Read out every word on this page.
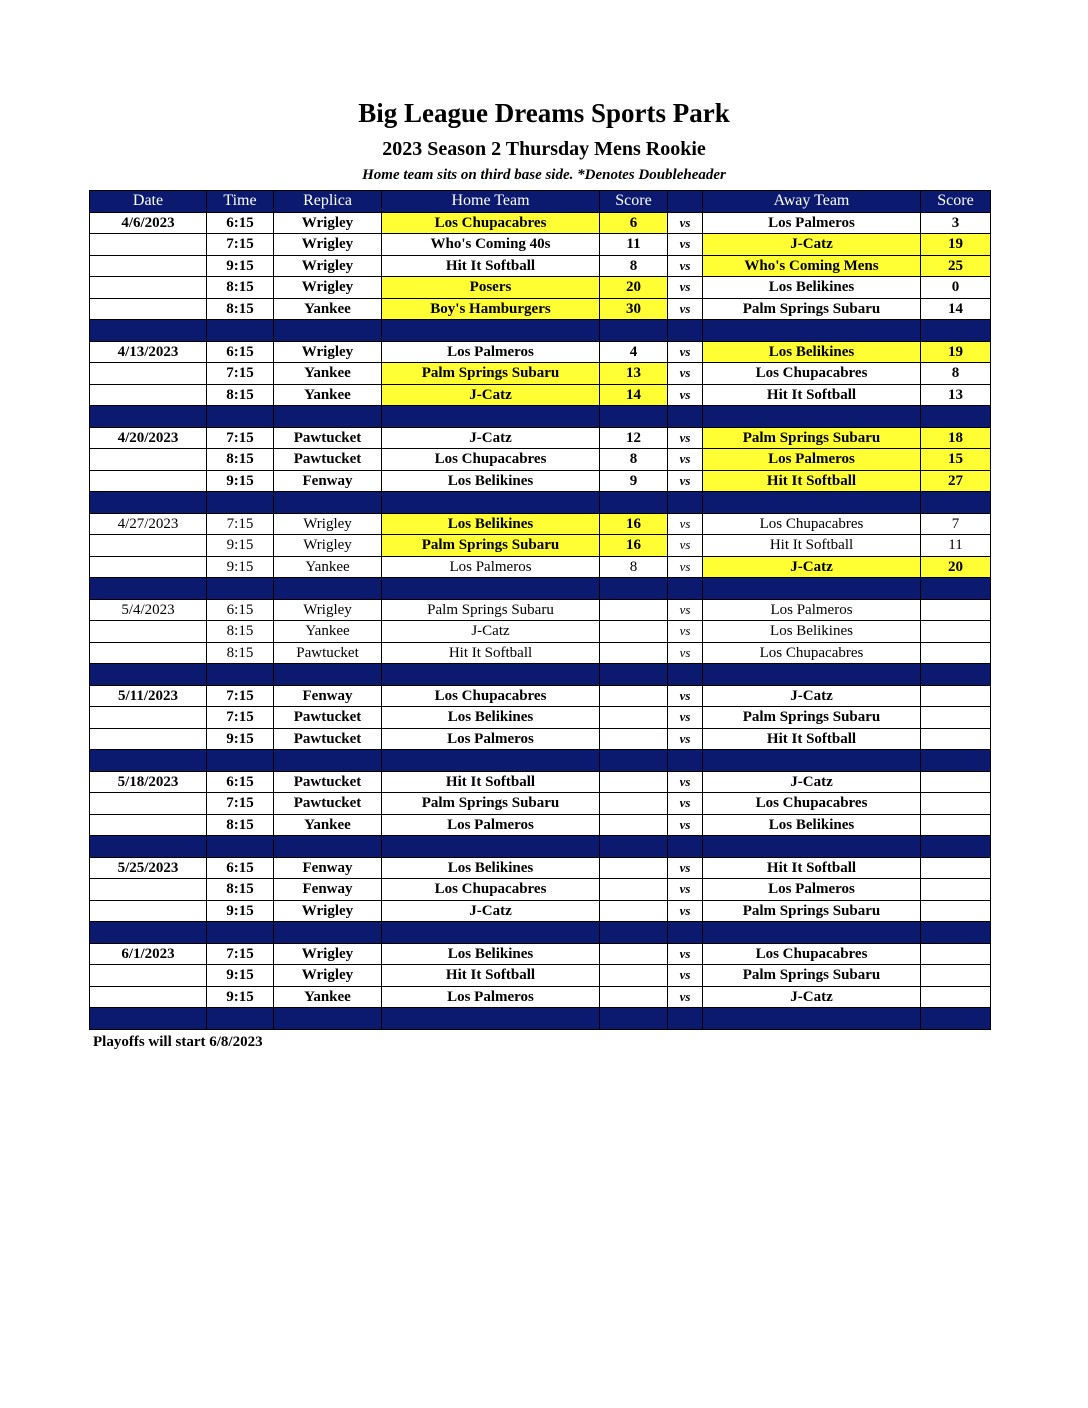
Big League Dreams Sports Park
2023 Season 2 Thursday Mens Rookie
Home team sits on third base side. *Denotes Doubleheader
Date	Time	Replica	Home Team	Score		Away Team	Score
4/6/2023	6:15	Wrigley	Los Chupacabres	6	vs	Los Palmeros	3
	7:15	Wrigley	Who's Coming 40s	11	vs	J-Catz	19
	9:15	Wrigley	Hit It Softball	8	vs	Who's Coming Mens	25
	8:15	Wrigley	Posers	20	vs	Los Belikines	0
	8:15	Yankee	Boy's Hamburgers	30	vs	Palm Springs Subaru	14

4/13/2023	6:15	Wrigley	Los Palmeros	4	vs	Los Belikines	19
	7:15	Yankee	Palm Springs Subaru	13	vs	Los Chupacabres	8
	8:15	Yankee	J-Catz	14	vs	Hit It Softball	13

4/20/2023	7:15	Pawtucket	J-Catz	12	vs	Palm Springs Subaru	18
	8:15	Pawtucket	Los Chupacabres	8	vs	Los Palmeros	15
	9:15	Fenway	Los Belikines	9	vs	Hit It Softball	27

4/27/2023	7:15	Wrigley	Los Belikines	16	vs	Los Chupacabres	7
	9:15	Wrigley	Palm Springs Subaru	16	vs	Hit It Softball	11
	9:15	Yankee	Los Palmeros	8	vs	J-Catz	20

5/4/2023	6:15	Wrigley	Palm Springs Subaru		vs	Los Palmeros	
	8:15	Yankee	J-Catz		vs	Los Belikines	
	8:15	Pawtucket	Hit It Softball		vs	Los Chupacabres	

5/11/2023	7:15	Fenway	Los Chupacabres		vs	J-Catz	
	7:15	Pawtucket	Los Belikines		vs	Palm Springs Subaru	
	9:15	Pawtucket	Los Palmeros		vs	Hit It Softball	

5/18/2023	6:15	Pawtucket	Hit It Softball		vs	J-Catz	
	7:15	Pawtucket	Palm Springs Subaru		vs	Los Chupacabres	
	8:15	Yankee	Los Palmeros		vs	Los Belikines	

5/25/2023	6:15	Fenway	Los Belikines		vs	Hit It Softball	
	8:15	Fenway	Los Chupacabres		vs	Los Palmeros	
	9:15	Wrigley	J-Catz		vs	Palm Springs Subaru	

6/1/2023	7:15	Wrigley	Los Belikines		vs	Los Chupacabres	
	9:15	Wrigley	Hit It Softball		vs	Palm Springs Subaru	
	9:15	Yankee	Los Palmeros		vs	J-Catz	

Playoffs will start 6/8/2023
